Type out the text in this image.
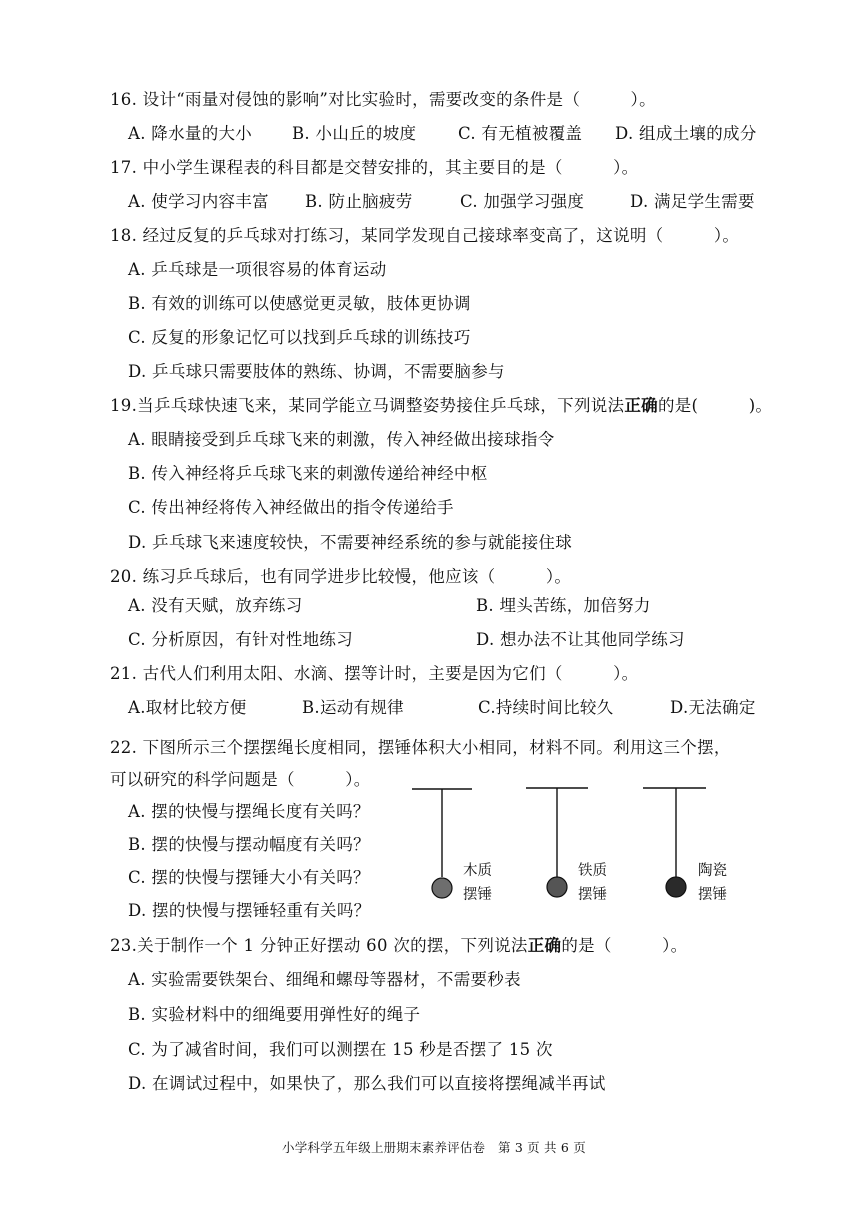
16. 设计“雨量对侵蚀的影响”对比实验时，需要改变的条件是（　　　）。
A. 降水量的大小 B. 小山丘的坡度	C. 有无植被覆盖 D. 组成土壤的成分
17. 中小学生课程表的科目都是交替安排的，其主要目的是（　　　）。
A. 使学习内容丰富 B. 防止脑疲劳	C. 加强学习强度	D. 满足学生需要
18. 经过反复的乒乓球对打练习，某同学发现自己接球率变高了，这说明（　　　）。
A. 乒乓球是一项很容易的体育运动
B. 有效的训练可以使感觉更灵敏，肢体更协调
C. 反复的形象记忆可以找到乒乓球的训练技巧
D. 乒乓球只需要肢体的熟练、协调，不需要脑参与
19.当乒乓球快速飞来，某同学能立马调整姿势接住乒乓球，下列说法正确的是(　　　)。
A. 眼睛接受到乒乓球飞来的刺激，传入神经做出接球指令
B. 传入神经将乒乓球飞来的刺激传递给神经中枢
C. 传出神经将传入神经做出的指令传递给手
D. 乒乓球飞来速度较快，不需要神经系统的参与就能接住球
20. 练习乒乓球后，也有同学进步比较慢，他应该（　　　）。
A. 没有天赋，放弃练习	B. 埋头苦练，加倍努力
C. 分析原因，有针对性地练习	D. 想办法不让其他同学练习
21. 古代人们利用太阳、水滴、摆等计时，主要是因为它们（　　　）。
A.取材比较方便	B.运动有规律	C.持续时间比较久	D.无法确定
22. 下图所示三个摆摆绳长度相同，摆锤体积大小相同，材料不同。利用这三个摆，
可以研究的科学问题是（　　　）。
A. 摆的快慢与摆绳长度有关吗？
B. 摆的快慢与摆动幅度有关吗？
C. 摆的快慢与摆锤大小有关吗？
D. 摆的快慢与摆锤轻重有关吗？
木质
摆锤
铁质
摆锤
陶瓷
摆锤
23.关于制作一个 1 分钟正好摆动 60 次的摆，下列说法正确的是（　　　）。
A. 实验需要铁架台、细绳和螺母等器材，不需要秒表
B. 实验材料中的细绳要用弹性好的绳子
C. 为了减省时间，我们可以测摆在 15 秒是否摆了 15 次
D. 在调试过程中，如果快了，那么我们可以直接将摆绳减半再试
小学科学五年级上册期末素养评估卷　 第 3 页 共 6 页
